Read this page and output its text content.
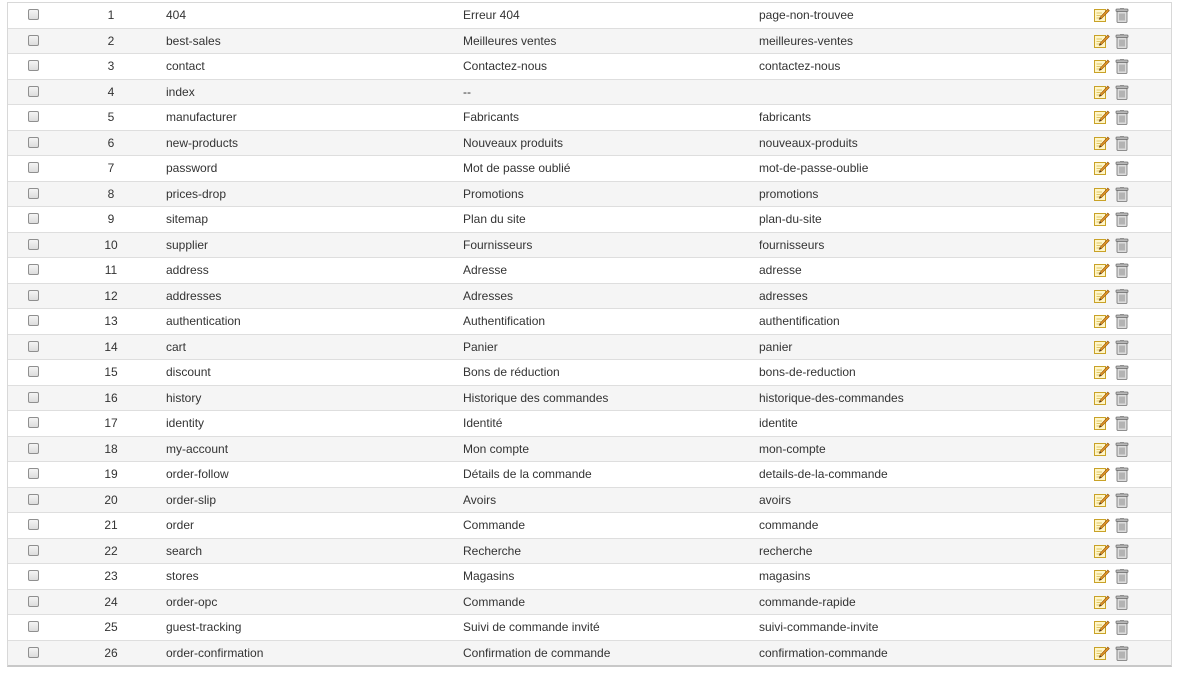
1	404	Erreur 404	page-non-trouvee
2	best-sales	Meilleures ventes	meilleures-ventes
3	contact	Contactez-nous	contactez-nous
4	index	--
5	manufacturer	Fabricants	fabricants
6	new-products	Nouveaux produits	nouveaux-produits
7	password	Mot de passe oublié	mot-de-passe-oublie
8	prices-drop	Promotions	promotions
9	sitemap	Plan du site	plan-du-site
10	supplier	Fournisseurs	fournisseurs
11	address	Adresse	adresse
12	addresses	Adresses	adresses
13	authentication	Authentification	authentification
14	cart	Panier	panier
15	discount	Bons de réduction	bons-de-reduction
16	history	Historique des commandes	historique-des-commandes
17	identity	Identité	identite
18	my-account	Mon compte	mon-compte
19	order-follow	Détails de la commande	details-de-la-commande
20	order-slip	Avoirs	avoirs
21	order	Commande	commande
22	search	Recherche	recherche
23	stores	Magasins	magasins
24	order-opc	Commande	commande-rapide
25	guest-tracking	Suivi de commande invité	suivi-commande-invite
26	order-confirmation	Confirmation de commande	confirmation-commande
